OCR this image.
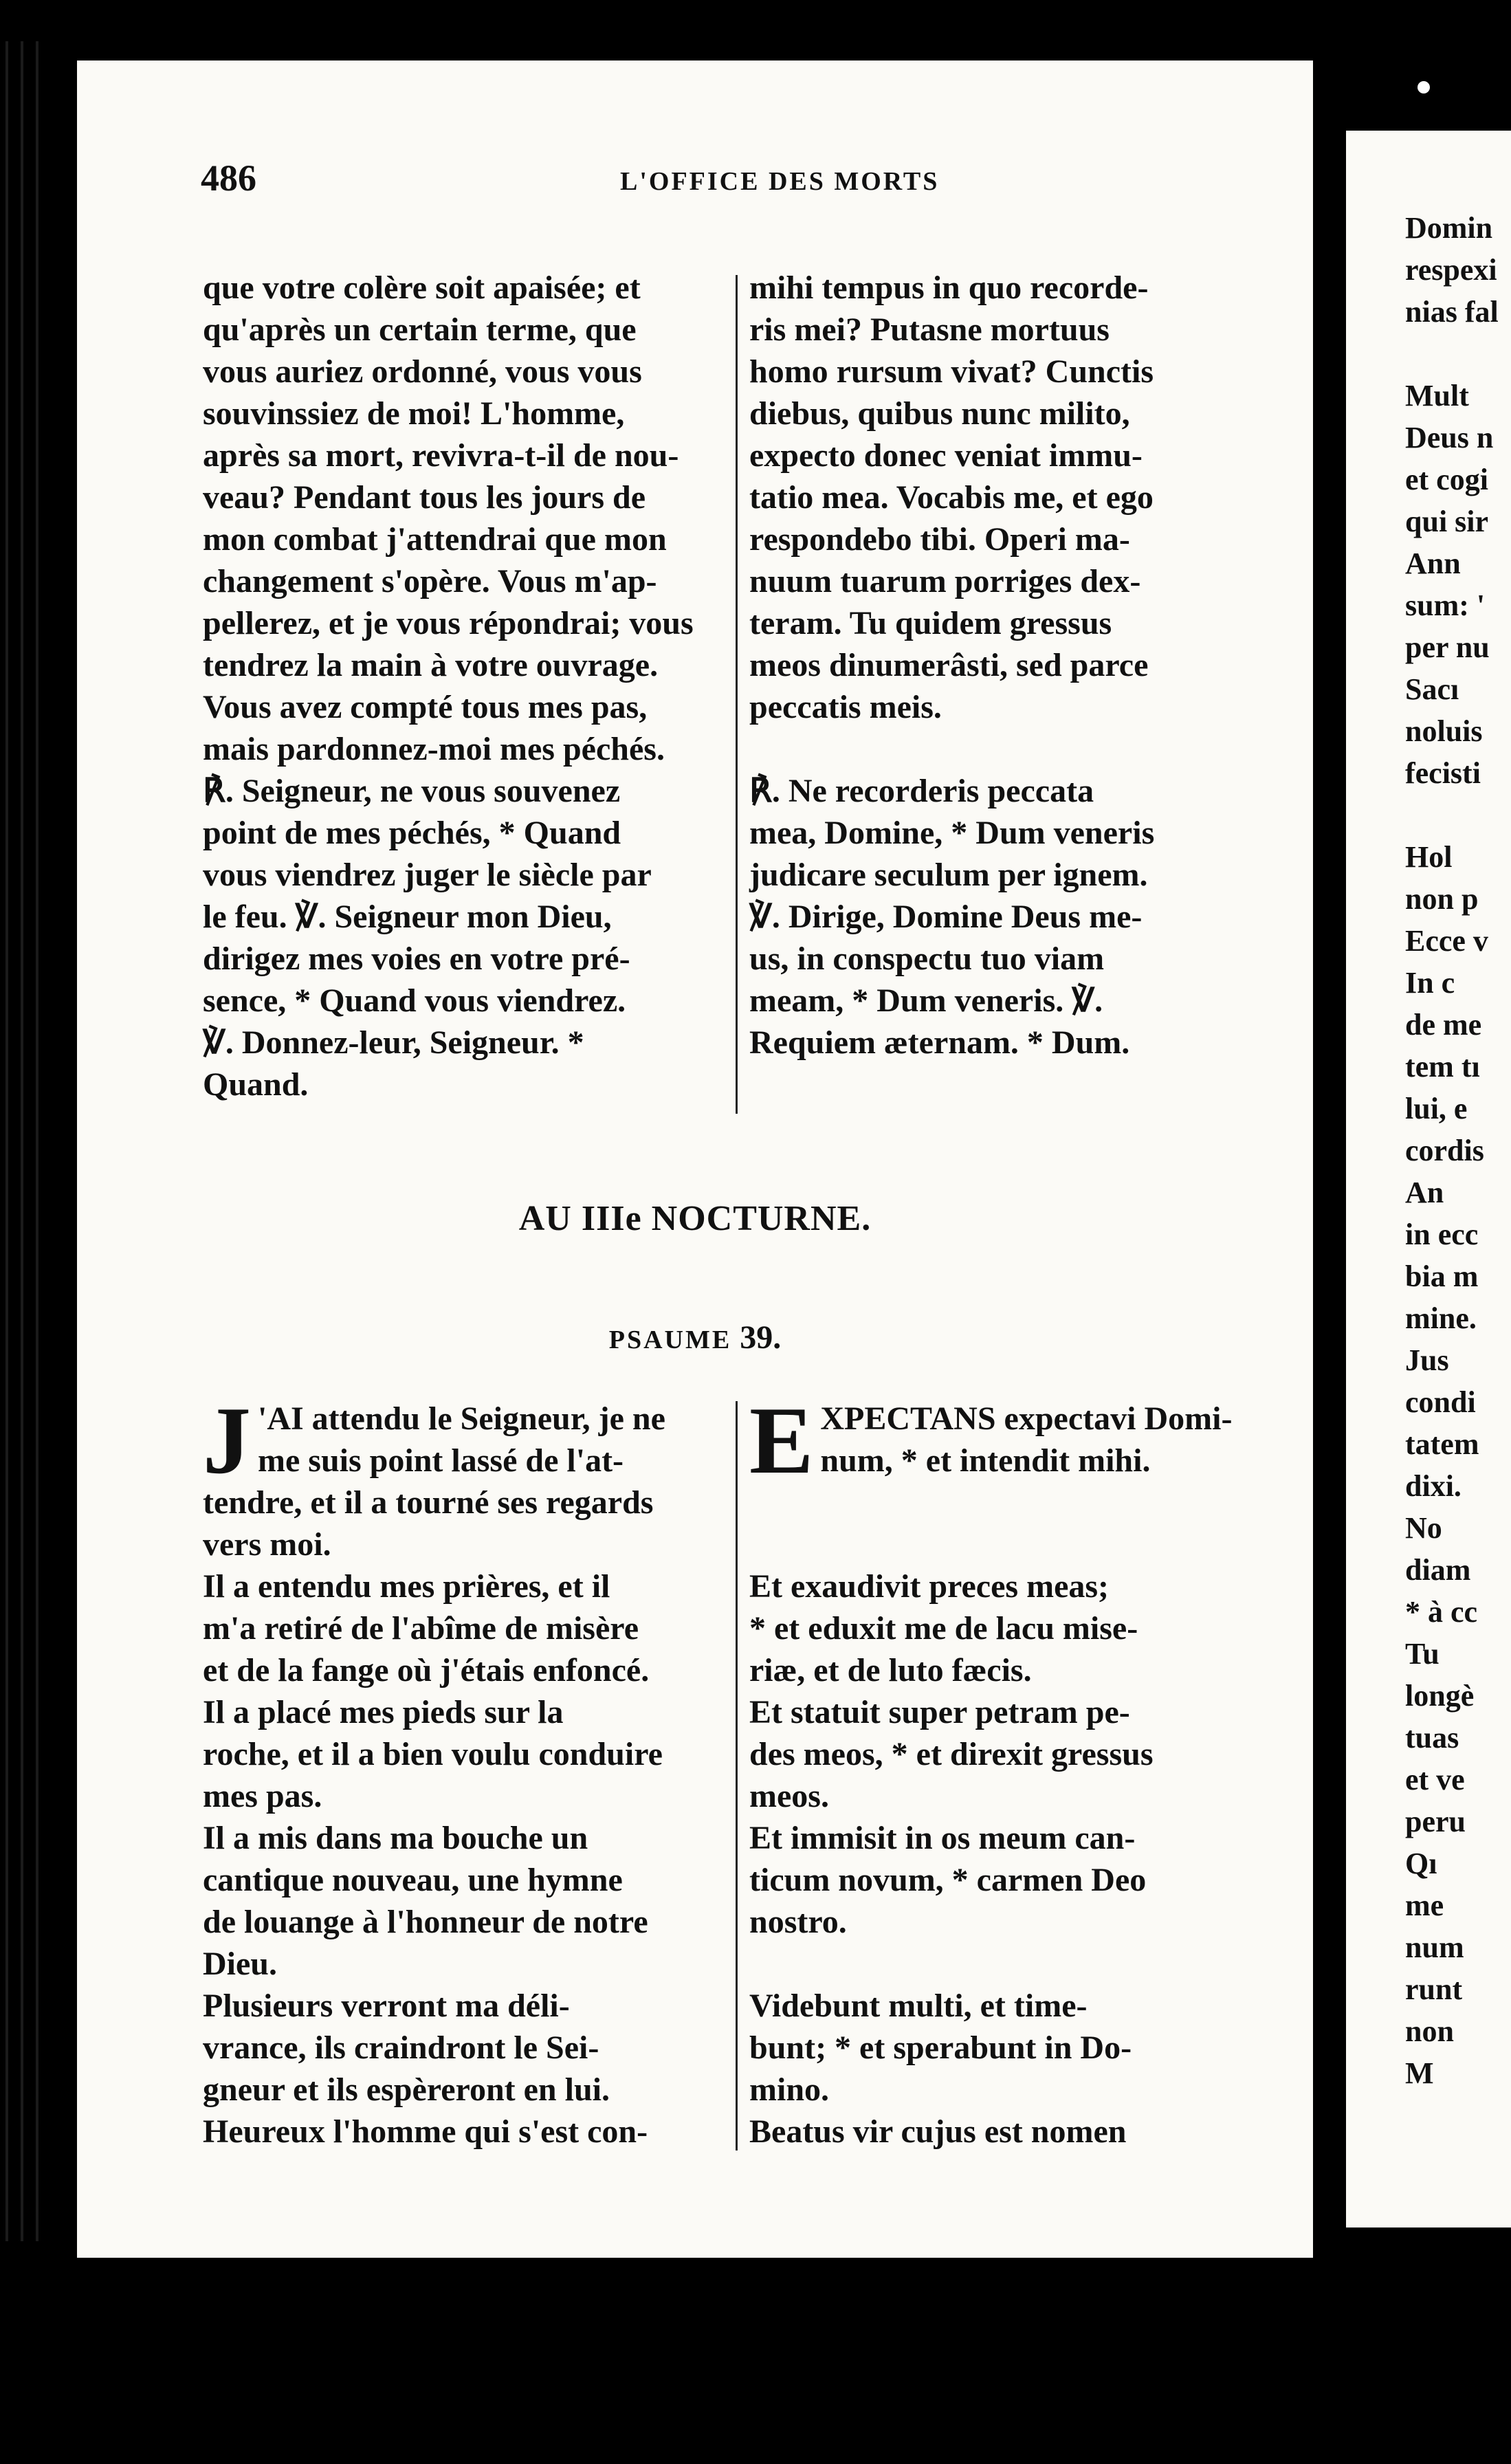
486	L'OFFICE DES MORTS
que votre colère soit apaisée; et
qu'après un certain terme, que
vous auriez ordonné, vous vous
souvinssiez de moi! L'homme,
après sa mort, revivra-t-il de nou-
veau? Pendant tous les jours de
mon combat j'attendrai que mon
changement s'opère. Vous m'ap-
pellerez, et je vous répondrai; vous
tendrez la main à votre ouvrage.
Vous avez compté tous mes pas,
mais pardonnez-moi mes péchés.
℟. Seigneur, ne vous souvenez
point de mes péchés, * Quand
vous viendrez juger le siècle par
le feu. ℣. Seigneur mon Dieu,
dirigez mes voies en votre pré-
sence, * Quand vous viendrez.
℣. Donnez-leur, Seigneur. *
Quand.
mihi tempus in quo recorde-
ris mei? Putasne mortuus
homo rursum vivat? Cunctis
diebus, quibus nunc milito,
expecto donec veniat immu-
tatio mea. Vocabis me, et ego
respondebo tibi. Operi ma-
nuum tuarum porriges dex-
teram. Tu quidem gressus
meos dinumerâsti, sed parce
peccatis meis.
℟. Ne recorderis peccata
mea, Domine, * Dum veneris
judicare seculum per ignem.
℣. Dirige, Domine Deus me-
us, in conspectu tuo viam
meam, * Dum veneris. ℣.
Requiem æternam. * Dum.
AU IIIe NOCTURNE.
PSAUME 39.
J 'AI attendu le Seigneur, je ne
me suis point lassé de l'at-
tendre, et il a tourné ses regards
vers moi.
Il a entendu mes prières, et il
m'a retiré de l'abîme de misère
et de la fange où j'étais enfoncé.
Il a placé mes pieds sur la
roche, et il a bien voulu conduire
mes pas.
Il a mis dans ma bouche un
cantique nouveau, une hymne
de louange à l'honneur de notre
Dieu.
Plusieurs verront ma déli-
vrance, ils craindront le Sei-
gneur et ils espèreront en lui.
Heureux l'homme qui s'est con-
E XPECTANS expectavi Domi-
num, * et intendit mihi.
Et exaudivit preces meas;
* et eduxit me de lacu mise-
riæ, et de luto fæcis.
Et statuit super petram pe-
des meos, * et direxit gressus
meos.
Et immisit in os meum can-
ticum novum, * carmen Deo
nostro.
Videbunt multi, et time-
bunt; * et sperabunt in Do-
mino.
Beatus vir cujus est nomen
Domin
respexi
nias fal
Mult
Deus n
et cogi
qui sir
Ann
sum: '
per nu
Sacı
noluis
fecisti
Hol
non p
Ecce v
In c
de me
tem tı
lui, e
cordis
An
in ecc
bia m
mine.
Jus
condi
tatem
dixi.
No
diam
* à cc
Tu
longè
tuas
et ve
peru
Qı
me
num
runt
non
M
